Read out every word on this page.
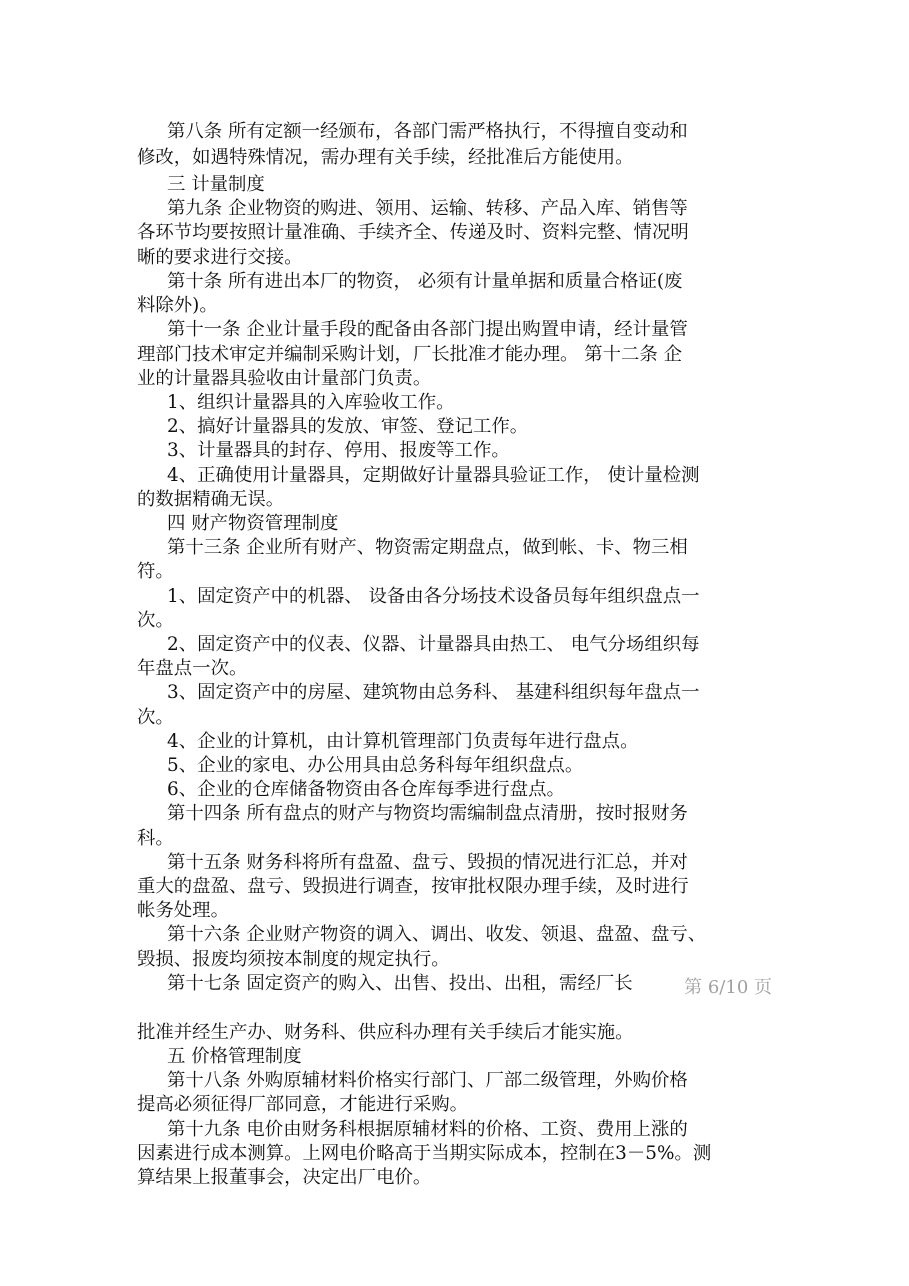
第八条 所有定额一经颁布，各部门需严格执行，不得擅自变动和
修改，如遇特殊情况，需办理有关手续，经批准后方能使用。
三 计量制度
第九条 企业物资的购进、领用、运输、转移、产品入库、销售等
各环节均要按照计量准确、手续齐全、传递及时、资料完整、情况明
晰的要求进行交接。
第十条 所有进出本厂的物资， 必须有计量单据和质量合格证(废
料除外)。
第十一条 企业计量手段的配备由各部门提出购置申请，经计量管
理部门技术审定并编制采购计划，厂长批准才能办理。 第十二条 企
业的计量器具验收由计量部门负责。
1、组织计量器具的入库验收工作。
2、搞好计量器具的发放、审签、登记工作。
3、计量器具的封存、停用、报废等工作。
4、正确使用计量器具，定期做好计量器具验证工作， 使计量检测
的数据精确无误。
四 财产物资管理制度
第十三条 企业所有财产、物资需定期盘点，做到帐、卡、物三相
符。
1、固定资产中的机器、 设备由各分场技术设备员每年组织盘点一
次。
2、固定资产中的仪表、仪器、计量器具由热工、 电气分场组织每
年盘点一次。
3、固定资产中的房屋、建筑物由总务科、 基建科组织每年盘点一
次。
4、企业的计算机，由计算机管理部门负责每年进行盘点。
5、企业的家电、办公用具由总务科每年组织盘点。
6、企业的仓库储备物资由各仓库每季进行盘点。
第十四条 所有盘点的财产与物资均需编制盘点清册，按时报财务
科。
第十五条 财务科将所有盘盈、盘亏、毁损的情况进行汇总，并对
重大的盘盈、盘亏、毁损进行调查，按审批权限办理手续，及时进行
帐务处理。
第十六条 企业财产物资的调入、调出、收发、领退、盘盈、盘亏、
毁损、报废均须按本制度的规定执行。
第十七条 固定资产的购入、出售、投出、出租，需经厂长
批准并经生产办、财务科、供应科办理有关手续后才能实施。
五 价格管理制度
第十八条 外购原辅材料价格实行部门、厂部二级管理，外购价格
提高必须征得厂部同意，才能进行采购。
第十九条 电价由财务科根据原辅材料的价格、工资、费用上涨的
因素进行成本测算。上网电价略高于当期实际成本，控制在3－5%。测
算结果上报董事会，决定出厂电价。
第 6/10 页
